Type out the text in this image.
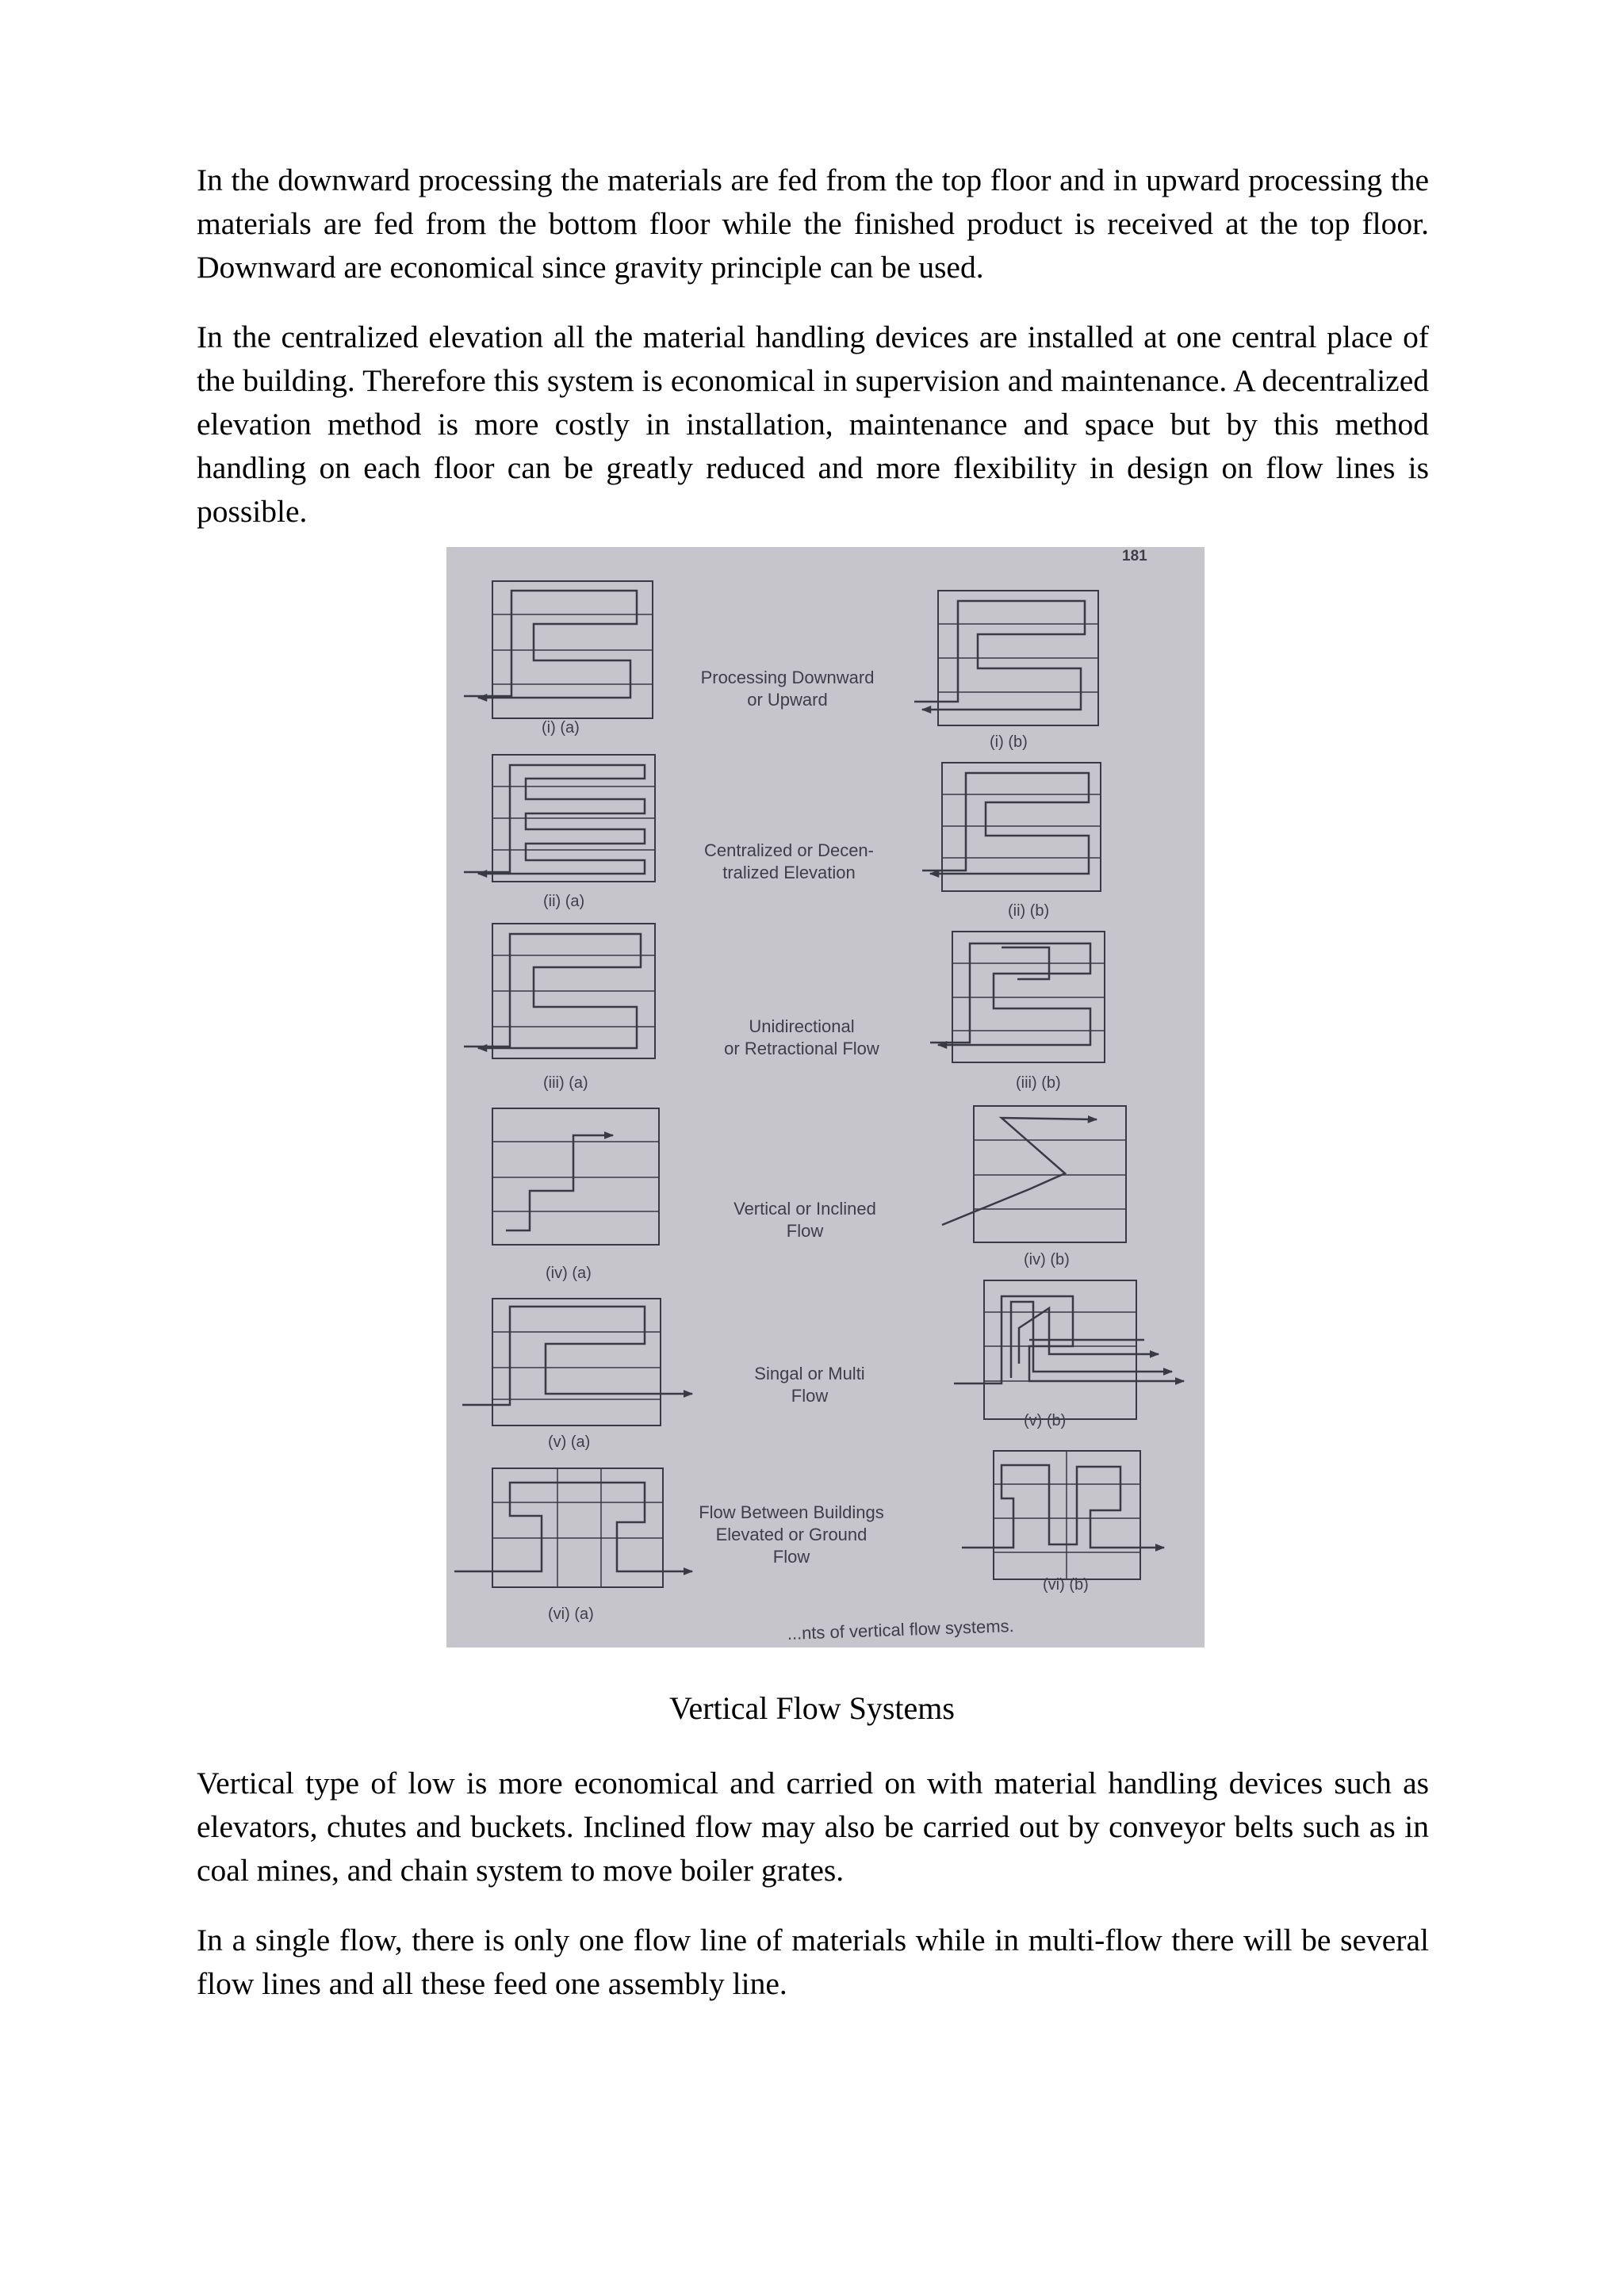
In the downward processing the materials are fed from the top floor and in upward processing the materials are fed from the bottom floor while the finished product is received at the top floor. Downward are economical since gravity principle can be used.

In the centralized elevation all the material handling devices are installed at one central place of the building. Therefore this system is economical in supervision and maintenance. A decentralized elevation method is more costly in installation, maintenance and space but by this method handling on each floor can be greatly reduced and more flexibility in design on flow lines is possible.

181
(i) (a)
(i) (b)
(ii) (a)
(ii) (b)
(iii) (a)	(iii) (b)
(iv) (a)
(iv) (b)
(v) (a)
(v) (b)
(vi) (a)
(vi) (b)
Processing Downward
or Upward
Centralized or Decen-
tralized Elevation
Unidirectional
or Retractional Flow
Vertical or Inclined
Flow
Singal or Multi
Flow
Flow Between Buildings
Elevated or Ground
Flow
...nts of vertical flow systems.
Vertical Flow Systems

Vertical type of low is more economical and carried on with material handling devices such as elevators, chutes and buckets. Inclined flow may also be carried out by conveyor belts such as in coal mines, and chain system to move boiler grates.

In a single flow, there is only one flow line of materials while in multi-flow there will be several flow lines and all these feed one assembly line.
